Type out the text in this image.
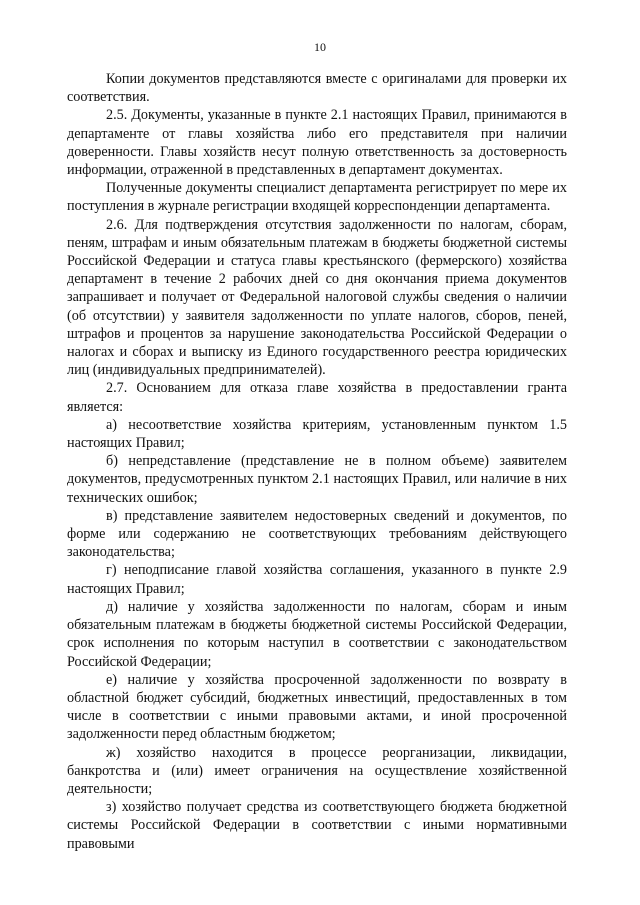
10

Копии документов представляются вместе с оригиналами для проверки их соответствия.

2.5. Документы, указанные в пункте 2.1 настоящих Правил, принимаются в департаменте от главы хозяйства либо его представителя при наличии доверенности. Главы хозяйств несут полную ответственность за достоверность информации, отраженной в представленных в департамент документах.

Полученные документы специалист департамента регистрирует по мере их поступления в журнале регистрации входящей корреспонденции департамента.

2.6. Для подтверждения отсутствия задолженности по налогам, сборам, пеням, штрафам и иным обязательным платежам в бюджеты бюджетной системы Российской Федерации и статуса главы крестьянского (фермерского) хозяйства департамент в течение 2 рабочих дней со дня окончания приема документов запрашивает и получает от Федеральной налоговой службы сведения о наличии (об отсутствии) у заявителя задолженности по уплате налогов, сборов, пеней, штрафов и процентов за нарушение законодательства Российской Федерации о налогах и сборах и выписку из Единого государственного реестра юридических лиц (индивидуальных предпринимателей).

2.7. Основанием для отказа главе хозяйства в предоставлении гранта является:

а) несоответствие хозяйства критериям, установленным пунктом 1.5 настоящих Правил;

б) непредставление (представление не в полном объеме) заявителем документов, предусмотренных пунктом 2.1 настоящих Правил, или наличие в них технических ошибок;

в) представление заявителем недостоверных сведений и документов, по форме или содержанию не соответствующих требованиям действующего законодательства;

г) неподписание главой хозяйства соглашения, указанного в пункте 2.9 настоящих Правил;

д) наличие у хозяйства задолженности по налогам, сборам и иным обязательным платежам в бюджеты бюджетной системы Российской Федерации, срок исполнения по которым наступил в соответствии с законодательством Российской Федерации;

е) наличие у хозяйства просроченной задолженности по возврату в областной бюджет субсидий, бюджетных инвестиций, предоставленных в том числе в соответствии с иными правовыми актами, и иной просроченной задолженности перед областным бюджетом;

ж) хозяйство находится в процессе реорганизации, ликвидации, банкротства и (или) имеет ограничения на осуществление хозяйственной деятельности;

з) хозяйство получает средства из соответствующего бюджета бюджетной системы Российской Федерации в соответствии с иными нормативными правовыми
